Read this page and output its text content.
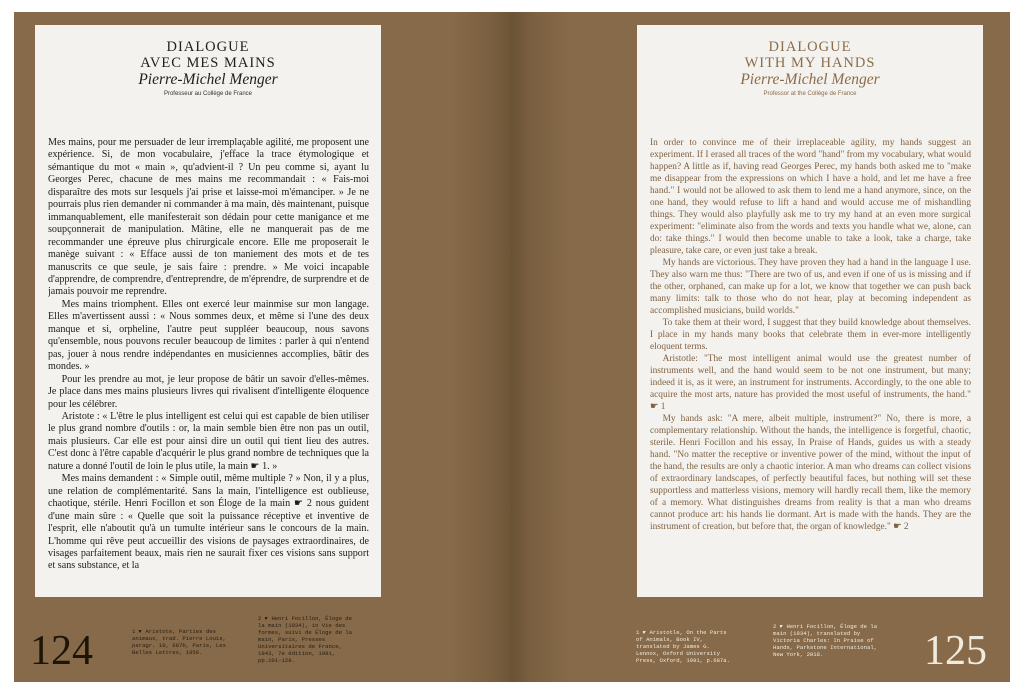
DIALOGUE
AVEC MES MAINS
Pierre-Michel Menger
Professeur au Collège de France

Mes mains, pour me persuader de leur irremplaçable agilité, me proposent une expérience. Si, de mon vocabulaire, j'efface la trace étymologique et sémantique du mot « main », qu'advient-il ? Un peu comme si, ayant lu Georges Perec, chacune de mes mains me recommandait : « Fais-moi disparaître des mots sur lesquels j'ai prise et laisse-moi m'émanciper. » Je ne pourrais plus rien demander ni commander à ma main, dès maintenant, puisque immanquablement, elle manifesterait son dédain pour cette manigance et me soupçonnerait de manipulation. Mâtine, elle ne manquerait pas de me recommander une épreuve plus chirurgicale encore. Elle me proposerait le manège suivant : « Efface aussi de ton maniement des mots et de tes manuscrits ce que seule, je sais faire : prendre. » Me voici incapable d'apprendre, de comprendre, d'entreprendre, de m'éprendre, de surprendre et de jamais pouvoir me reprendre.

Mes mains triomphent. Elles ont exercé leur mainmise sur mon langage. Elles m'avertissent aussi : « Nous sommes deux, et même si l'une des deux manque et si, orpheline, l'autre peut suppléer beaucoup, nous savons qu'ensemble, nous pouvons reculer beaucoup de limites : parler à qui n'entend pas, jouer à nous rendre indépendantes en musiciennes accomplies, bâtir des mondes. »

Pour les prendre au mot, je leur propose de bâtir un savoir d'elles-mêmes. Je place dans mes mains plusieurs livres qui rivalisent d'intelligente éloquence pour les célébrer.

Aristote : « L'être le plus intelligent est celui qui est capable de bien utiliser le plus grand nombre d'outils : or, la main semble bien être non pas un outil, mais plusieurs. Car elle est pour ainsi dire un outil qui tient lieu des autres. C'est donc à l'être capable d'acquérir le plus grand nombre de techniques que la nature a donné l'outil de loin le plus utile, la main ☛ 1. »

Mes mains demandent : « Simple outil, même multiple ? » Non, il y a plus, une relation de complémentarité. Sans la main, l'intelligence est oublieuse, chaotique, stérile. Henri Focillon et son Éloge de la main ☛ 2 nous guident d'une main sûre : « Quelle que soit la puissance réceptive et inventive de l'esprit, elle n'aboutit qu'à un tumulte intérieur sans le concours de la main. L'homme qui rêve peut accueillir des visions de paysages extraordinaires, de visages parfaitement beaux, mais rien ne saurait fixer ces visions sans support et sans substance, et la

124	1 ☛ Aristote, Parties des animaux, trad. Pierre Louis, paragr. 10, 687b, Paris, Les Belles Lettres, 1956.
2 ☛ Henri Focillon, Éloge de la main (1934), in Vie des formes, suivi de Éloge de la main, Paris, Presses Universitaires de France, 1943, 7e édition, 1981, pp.101–128.
DIALOGUE
WITH MY HANDS
Pierre-Michel Menger
Professor at the Collège de France

In order to convince me of their irreplaceable agility, my hands suggest an experiment. If I erased all traces of the word "hand" from my vocabulary, what would happen? A little as if, having read Georges Perec, my hands both asked me to "make me disappear from the expressions on which I have a hold, and let me have a free hand." I would not be allowed to ask them to lend me a hand anymore, since, on the one hand, they would refuse to lift a hand and would accuse me of mishandling things. They would also playfully ask me to try my hand at an even more surgical experiment: "eliminate also from the words and texts you handle what we, alone, can do: take things." I would then become unable to take a look, take a charge, take pleasure, take care, or even just take a break.

My hands are victorious. They have proven they had a hand in the language I use. They also warn me thus: "There are two of us, and even if one of us is missing and if the other, orphaned, can make up for a lot, we know that together we can push back many limits: talk to those who do not hear, play at becoming independent as accomplished musicians, build worlds."

To take them at their word, I suggest that they build knowledge about themselves. I place in my hands many books that celebrate them in ever-more intelligently eloquent terms.

Aristotle: "The most intelligent animal would use the greatest number of instruments well, and the hand would seem to be not one instrument, but many; indeed it is, as it were, an instrument for instruments. Accordingly, to the one able to acquire the most arts, nature has provided the most useful of instruments, the hand." ☛ 1

My hands ask: "A mere, albeit multiple, instrument?" No, there is more, a complementary relationship. Without the hands, the intelligence is forgetful, chaotic, sterile. Henri Focillon and his essay, In Praise of Hands, guides us with a steady hand. "No matter the receptive or inventive power of the mind, without the input of the hand, the results are only a chaotic interior. A man who dreams can collect visions of extraordinary landscapes, of perfectly beautiful faces, but nothing will set these supportless and matterless visions, memory will hardly recall them, like the memory of a memory. What distinguishes dreams from reality is that a man who dreams cannot produce art: his hands lie dormant. Art is made with the hands. They are the instrument of creation, but before that, the organ of knowledge." ☛ 2

1 ☛ Aristotle, On the Parts of Animals, Book IV, translated by James G. Lennox, Oxford University Press, Oxford, 1991, p.687a.
2 ☛ Henri Focillon, Éloge de la main (1934), translated by Victoria Charles: In Praise of Hands, Parkstone International, New York, 2018.	125
